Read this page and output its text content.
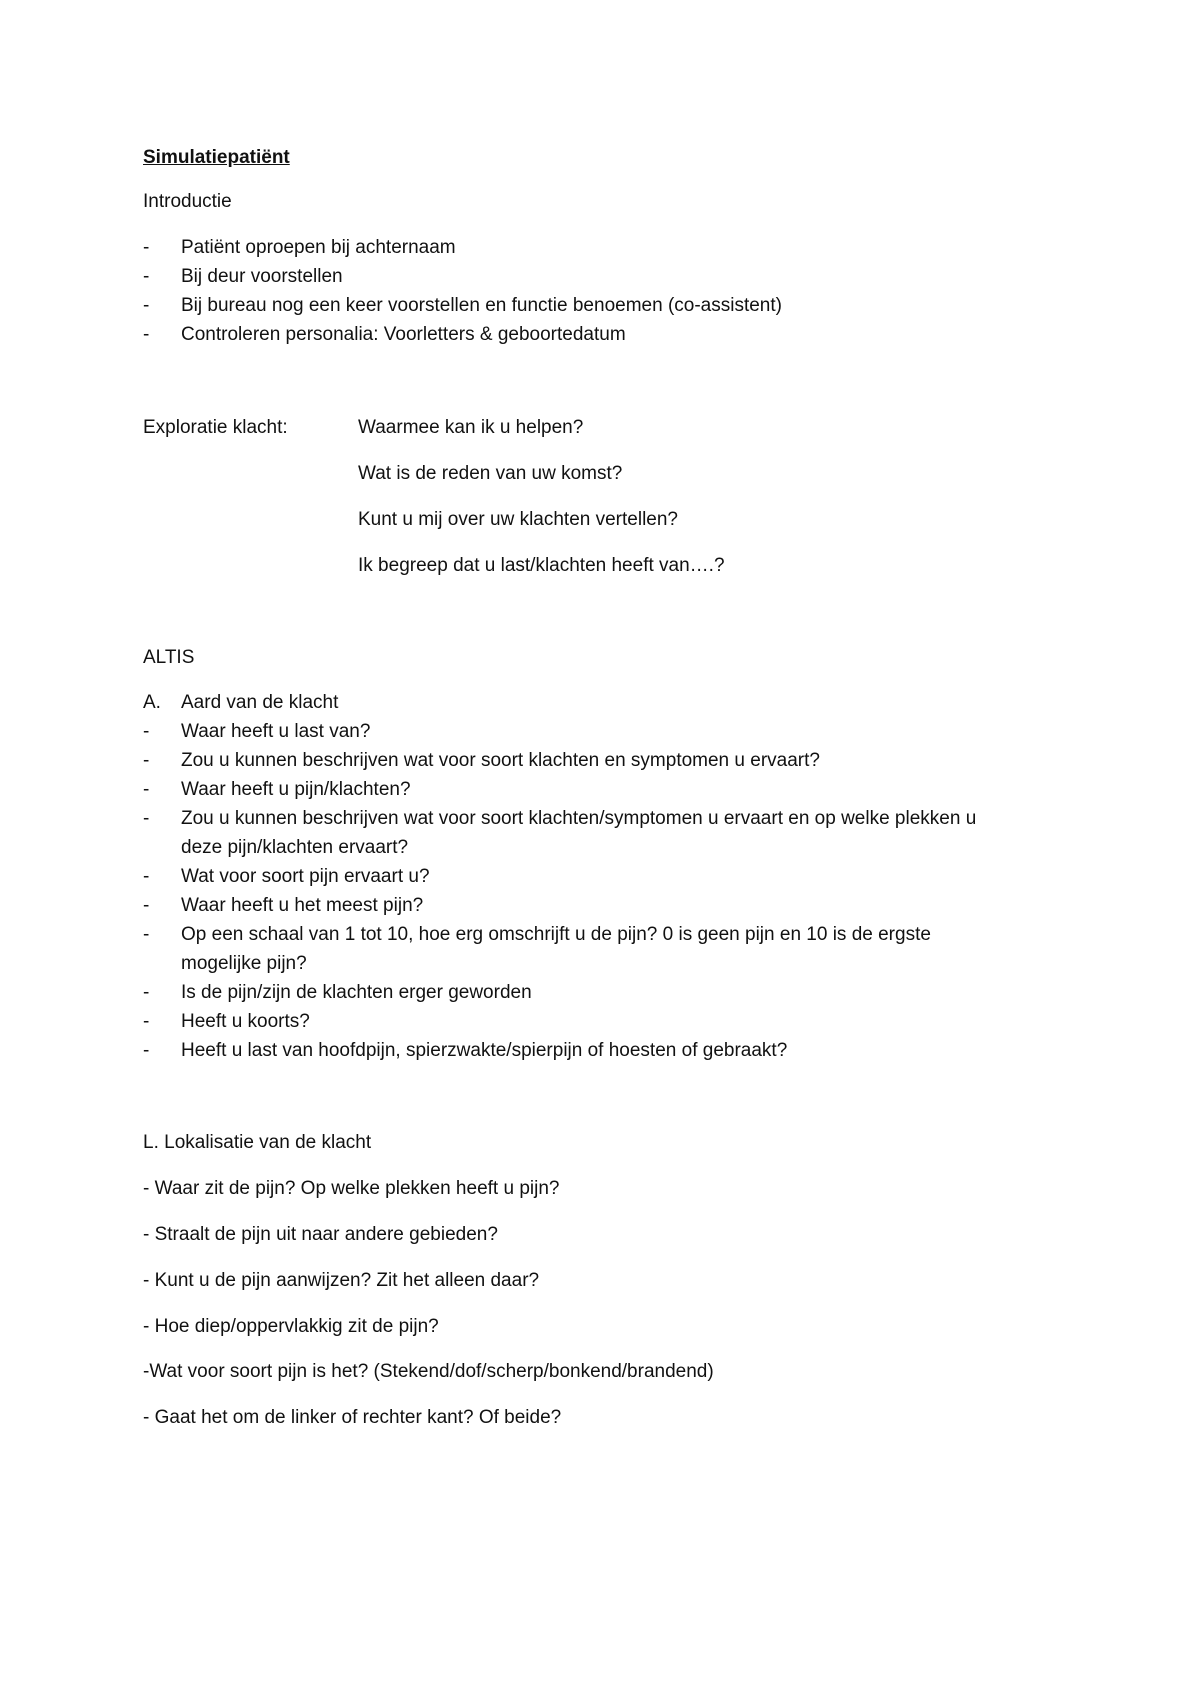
Simulatiepatiënt
Introductie
- Patiënt oproepen bij achternaam
- Bij deur voorstellen
- Bij bureau nog een keer voorstellen en functie benoemen (co-assistent)
- Controleren personalia: Voorletters & geboortedatum
Exploratie klacht:	Waarmee kan ik u helpen?
Wat is de reden van uw komst?
Kunt u mij over uw klachten vertellen?
Ik begreep dat u last/klachten heeft van….?
ALTIS
A. Aard van de klacht
- Waar heeft u last van?
- Zou u kunnen beschrijven wat voor soort klachten en symptomen u ervaart?
- Waar heeft u pijn/klachten?
- Zou u kunnen beschrijven wat voor soort klachten/symptomen u ervaart en op welke plekken u
deze pijn/klachten ervaart?
- Wat voor soort pijn ervaart u?
- Waar heeft u het meest pijn?
- Op een schaal van 1 tot 10, hoe erg omschrijft u de pijn? 0 is geen pijn en 10 is de ergste
mogelijke pijn?
- Is de pijn/zijn de klachten erger geworden
- Heeft u koorts?
- Heeft u last van hoofdpijn, spierzwakte/spierpijn of hoesten of gebraakt?
L. Lokalisatie van de klacht
- Waar zit de pijn? Op welke plekken heeft u pijn?
- Straalt de pijn uit naar andere gebieden?
- Kunt u de pijn aanwijzen? Zit het alleen daar?
- Hoe diep/oppervlakkig zit de pijn?
-Wat voor soort pijn is het? (Stekend/dof/scherp/bonkend/brandend)
- Gaat het om de linker of rechter kant? Of beide?
